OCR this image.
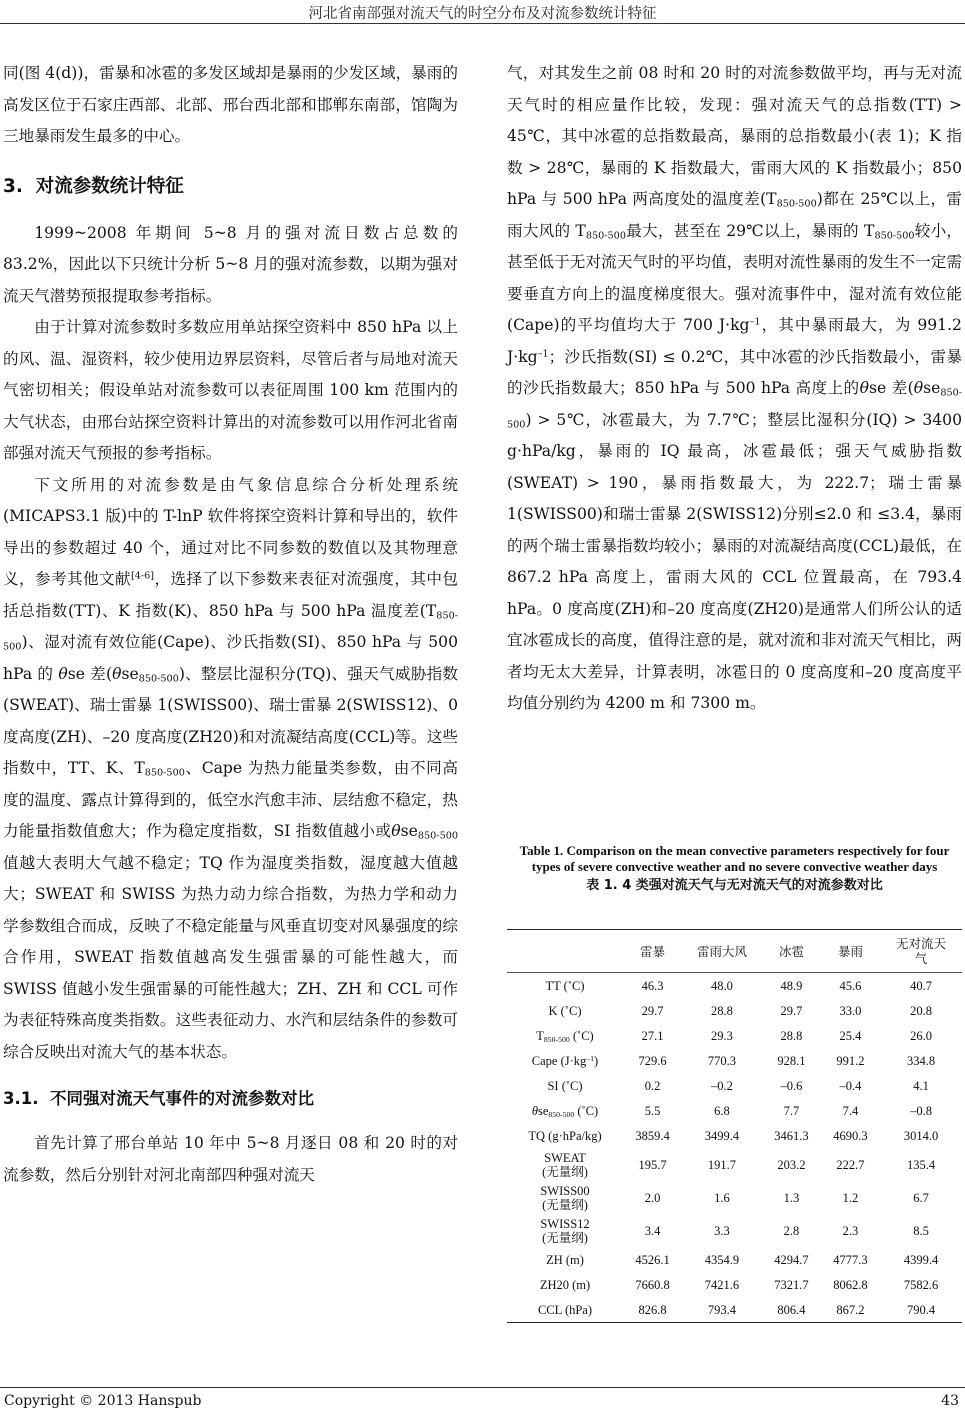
河北省南部强对流天气的时空分布及对流参数统计特征

同(图 4(d))，雷暴和冰雹的多发区域却是暴雨的少发区域，暴雨的高发区位于石家庄西部、北部、邢台西北部和邯郸东南部，馆陶为三地暴雨发生最多的中心。

3. 对流参数统计特征

1999~2008 年期间 5~8 月的强对流日数占总数的 83.2%，因此以下只统计分析 5~8 月的强对流参数，以期为强对流天气潜势预报提取参考指标。

由于计算对流参数时多数应用单站探空资料中 850 hPa 以上的风、温、湿资料，较少使用边界层资料，尽管后者与局地对流天气密切相关；假设单站对流参数可以表征周围 100 km 范围内的大气状态，由邢台站探空资料计算出的对流参数可以用作河北省南部强对流天气预报的参考指标。

下文所用的对流参数是由气象信息综合分析处理系统(MICAPS3.1 版)中的 T-lnP 软件将探空资料计算和导出的，软件导出的参数超过 40 个，通过对比不同参数的数值以及其物理意义，参考其他文献[4-6]，选择了以下参数来表征对流强度，其中包括总指数(TT)、K 指数(K)、850 hPa 与 500 hPa 温度差$(T_{850-500})$、湿对流有效位能(Cape)、沙氏指数(SI)、850 hPa 与 500 hPa 的 θse 差(θse$_{850-500}$)、整层比湿积分(TQ)、强天气威胁指数(SWEAT)、瑞士雷暴 1(SWISS00)、瑞士雷暴 2(SWISS12)、0 度高度(ZH)、–20 度高度(ZH20)和对流凝结高度(CCL)等。这些指数中，TT、K、$T_{850-500}$、Cape 为热力能量类参数，由不同高度的温度、露点计算得到的，低空水汽愈丰沛、层结愈不稳定，热力能量指数值愈大；作为稳定度指数，SI 指数值越小或θse$_{850-500}$值越大表明大气越不稳定；TQ 作为湿度类指数，湿度越大值越大；SWEAT 和 SWISS 为热力动力综合指数，为热力学和动力学参数组合而成，反映了不稳定能量与风垂直切变对风暴强度的综合作用，SWEAT 指数值越高发生强雷暴的可能性越大，而 SWISS 值越小发生强雷暴的可能性越大；ZH、ZH 和 CCL 可作为表征特殊高度类指数。这些表征动力、水汽和层结条件的参数可综合反映出对流大气的基本状态。

3.1. 不同强对流天气事件的对流参数对比

首先计算了邢台单站 10 年中 5~8 月逐日 08 和 20 时的对流参数，然后分别针对河北南部四种强对流天

气，对其发生之前 08 时和 20 时的对流参数做平均，再与无对流天气时的相应量作比较，发现：强对流天气的总指数(TT) > 45℃，其中冰雹的总指数最高，暴雨的总指数最小(表 1)；K 指数 > 28℃，暴雨的 K 指数最大，雷雨大风的 K 指数最小；850 hPa 与 500 hPa 两高度处的温度差$(T_{850-500})$都在 25℃以上，雷雨大风的 $T_{850-500}$最大，甚至在 29℃以上，暴雨的 $T_{850-500}$较小，甚至低于无对流天气时的平均值，表明对流性暴雨的发生不一定需要垂直方向上的温度梯度很大。强对流事件中，湿对流有效位能(Cape)的平均值均大于 700 $J\cdot kg^{-1}$，其中暴雨最大，为 991.2 $J\cdot kg^{-1}$；沙氏指数(SI) ≤ 0.2℃，其中冰雹的沙氏指数最小，雷暴的沙氏指数最大；850 hPa 与 500 hPa 高度上的θse 差(θse$_{850-500}$) > 5℃，冰雹最大，为 7.7℃；整层比湿积分(IQ) > 3400 g·hPa/kg，暴雨的 IQ 最高，冰雹最低；强天气威胁指数(SWEAT) > 190，暴雨指数最大，为 222.7；瑞士雷暴 1(SWISS00)和瑞士雷暴 2(SWISS12)分别≤2.0 和 ≤3.4，暴雨的两个瑞士雷暴指数均较小；暴雨的对流凝结高度(CCL)最低，在 867.2 hPa 高度上，雷雨大风的 CCL 位置最高，在 793.4 hPa。0 度高度(ZH)和–20 度高度(ZH20)是通常人们所公认的适宜冰雹成长的高度，值得注意的是，就对流和非对流天气相比，两者均无太大差异，计算表明，冰雹日的 0 度高度和–20 度高度平均值分别约为 4200 m 和 7300 m。

Table 1. Comparison on the mean convective parameters respectively for four types of severe convective weather and no severe convective weather days
表 1. 4 类强对流天气与无对流天气的对流参数对比
	雷暴	雷雨大风	冰雹	暴雨	无对流天气
TT (˚C)	46.3	48.0	48.9	45.6	40.7
K (˚C)	29.7	28.8	29.7	33.0	20.8
$T_{850-500}$ (˚C)	27.1	29.3	28.8	25.4	26.0
Cape $(J\cdot kg^{-1})$	729.6	770.3	928.1	991.2	334.8
SI (˚C)	0.2	–0.2	–0.6	–0.4	4.1
θse$_{850-500}$ (˚C)	5.5	6.8	7.7	7.4	–0.8
TQ (g·hPa/kg)	3859.4	3499.4	3461.3	4690.3	3014.0
SWEAT
(无量纲)	195.7	191.7	203.2	222.7	135.4
SWISS00
(无量纲)	2.0	1.6	1.3	1.2	6.7
SWISS12
(无量纲)	3.4	3.3	2.8	2.3	8.5
ZH (m)	4526.1	4354.9	4294.7	4777.3	4399.4
ZH20 (m)	7660.8	7421.6	7321.7	8062.8	7582.6
CCL (hPa)	826.8	793.4	806.4	867.2	790.4
Copyright © 2013 Hanspub	43
